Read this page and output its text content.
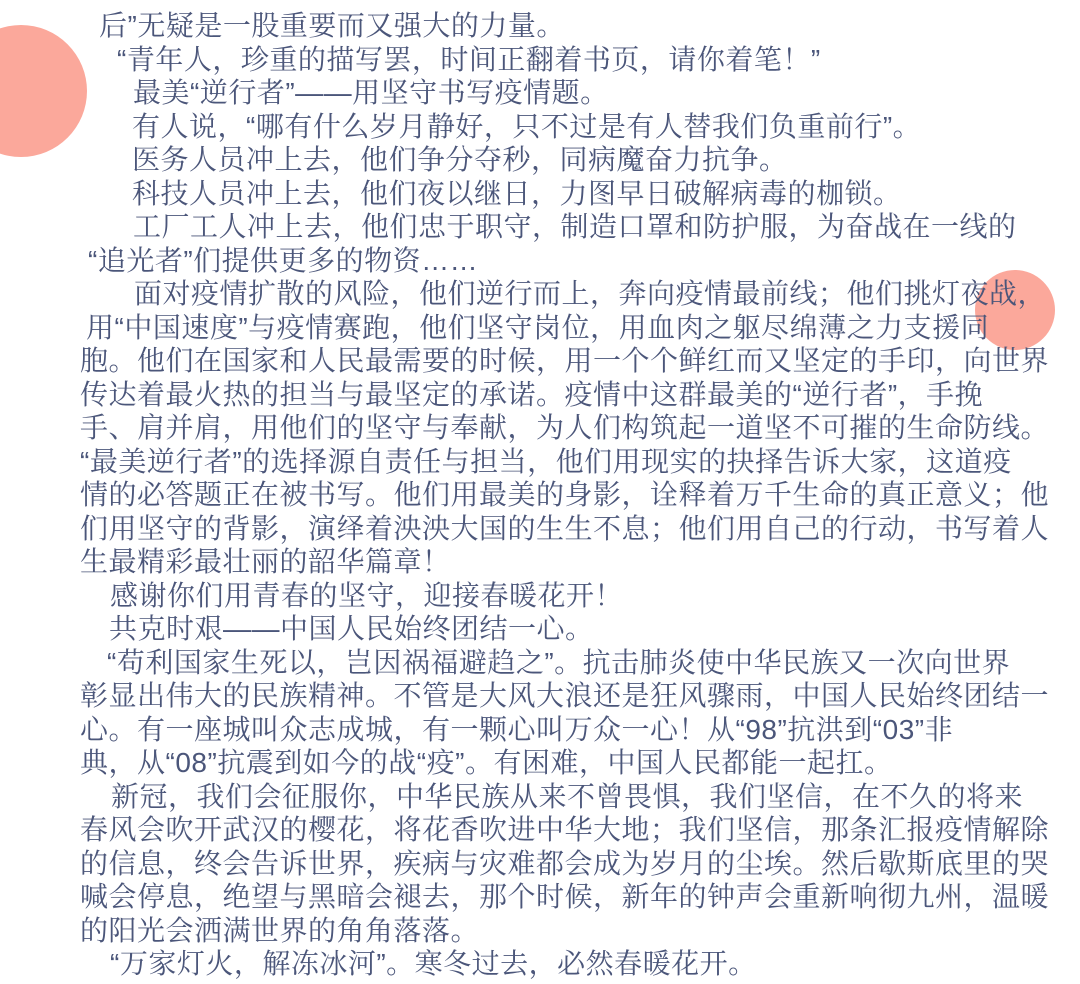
后”无疑是一股重要而又强大的力量。
“青年人，珍重的描写罢，时间正翻着书页，请你着笔！”
最美“逆行者”——用坚守书写疫情题。
有人说，“哪有什么岁月静好，只不过是有人替我们负重前行”。
医务人员冲上去，他们争分夺秒，同病魔奋力抗争。
科技人员冲上去，他们夜以继日，力图早日破解病毒的枷锁。
工厂工人冲上去，他们忠于职守，制造口罩和防护服，为奋战在一线的
“追光者”们提供更多的物资……
面对疫情扩散的风险，他们逆行而上，奔向疫情最前线；他们挑灯夜战，
用“中国速度”与疫情赛跑，他们坚守岗位，用血肉之躯尽绵薄之力支援同
胞。他们在国家和人民最需要的时候，用一个个鲜红而又坚定的手印，向世界
传达着最火热的担当与最坚定的承诺。疫情中这群最美的“逆行者”，手挽
手、肩并肩，用他们的坚守与奉献，为人们构筑起一道坚不可摧的生命防线。
“最美逆行者”的选择源自责任与担当，他们用现实的抉择告诉大家，这道疫
情的必答题正在被书写。他们用最美的身影，诠释着万千生命的真正意义；他
们用坚守的背影，演绎着泱泱大国的生生不息；他们用自己的行动，书写着人
生最精彩最壮丽的韶华篇章！
感谢你们用青春的坚守，迎接春暖花开！
共克时艰——中国人民始终团结一心。
“苟利国家生死以，岂因祸福避趋之”。抗击肺炎使中华民族又一次向世界
彰显出伟大的民族精神。不管是大风大浪还是狂风骤雨，中国人民始终团结一
心。有一座城叫众志成城，有一颗心叫万众一心！从“98”抗洪到“03”非
典，从“08”抗震到如今的战“疫”。有困难，中国人民都能一起扛。
新冠，我们会征服你，中华民族从来不曾畏惧，我们坚信，在不久的将来
春风会吹开武汉的樱花，将花香吹进中华大地；我们坚信，那条汇报疫情解除
的信息，终会告诉世界，疾病与灾难都会成为岁月的尘埃。然后歇斯底里的哭
喊会停息，绝望与黑暗会褪去，那个时候，新年的钟声会重新响彻九州，温暖
的阳光会洒满世界的角角落落。
“万家灯火，解冻冰河”。寒冬过去，必然春暖花开。
